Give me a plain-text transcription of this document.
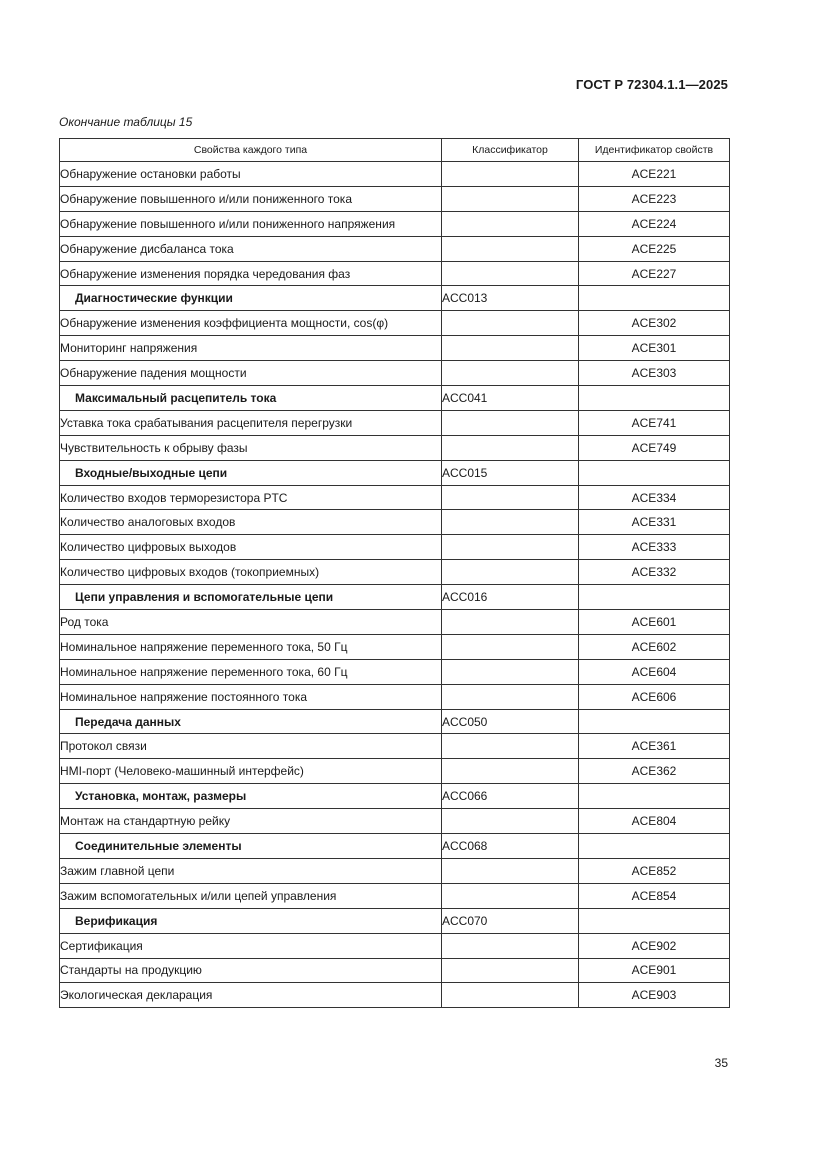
ГОСТ Р 72304.1.1—2025
Окончание таблицы 15
Свойства каждого типа	Классификатор	Идентификатор свойств
Обнаружение остановки работы		ACE221
Обнаружение повышенного и/или пониженного тока		ACE223
Обнаружение повышенного и/или пониженного напряжения		ACE224
Обнаружение дисбаланса тока		ACE225
Обнаружение изменения порядка чередования фаз		ACE227
Диагностические функции	ACC013	
Обнаружение изменения коэффициента мощности, cos(φ)		ACE302
Мониторинг напряжения		ACE301
Обнаружение падения мощности		ACE303
Максимальный расцепитель тока	ACC041	
Уставка тока срабатывания расцепителя перегрузки		ACE741
Чувствительность к обрыву фазы		ACE749
Входные/выходные цепи	ACC015	
Количество входов терморезистора PTC		ACE334
Количество аналоговых входов		ACE331
Количество цифровых выходов		ACE333
Количество цифровых входов (токоприемных)		ACE332
Цепи управления и вспомогательные цепи	ACC016	
Род тока		ACE601
Номинальное напряжение переменного тока, 50 Гц		ACE602
Номинальное напряжение переменного тока, 60 Гц		ACE604
Номинальное напряжение постоянного тока		ACE606
Передача данных	ACC050	
Протокол связи		ACE361
HMI-порт (Человеко-машинный интерфейс)		ACE362
Установка, монтаж, размеры	ACC066	
Монтаж на стандартную рейку		ACE804
Соединительные элементы	ACC068	
Зажим главной цепи		ACE852
Зажим вспомогательных и/или цепей управления		ACE854
Верификация	ACC070	
Сертификация		ACE902
Стандарты на продукцию		ACE901
Экологическая декларация		ACE903
35
